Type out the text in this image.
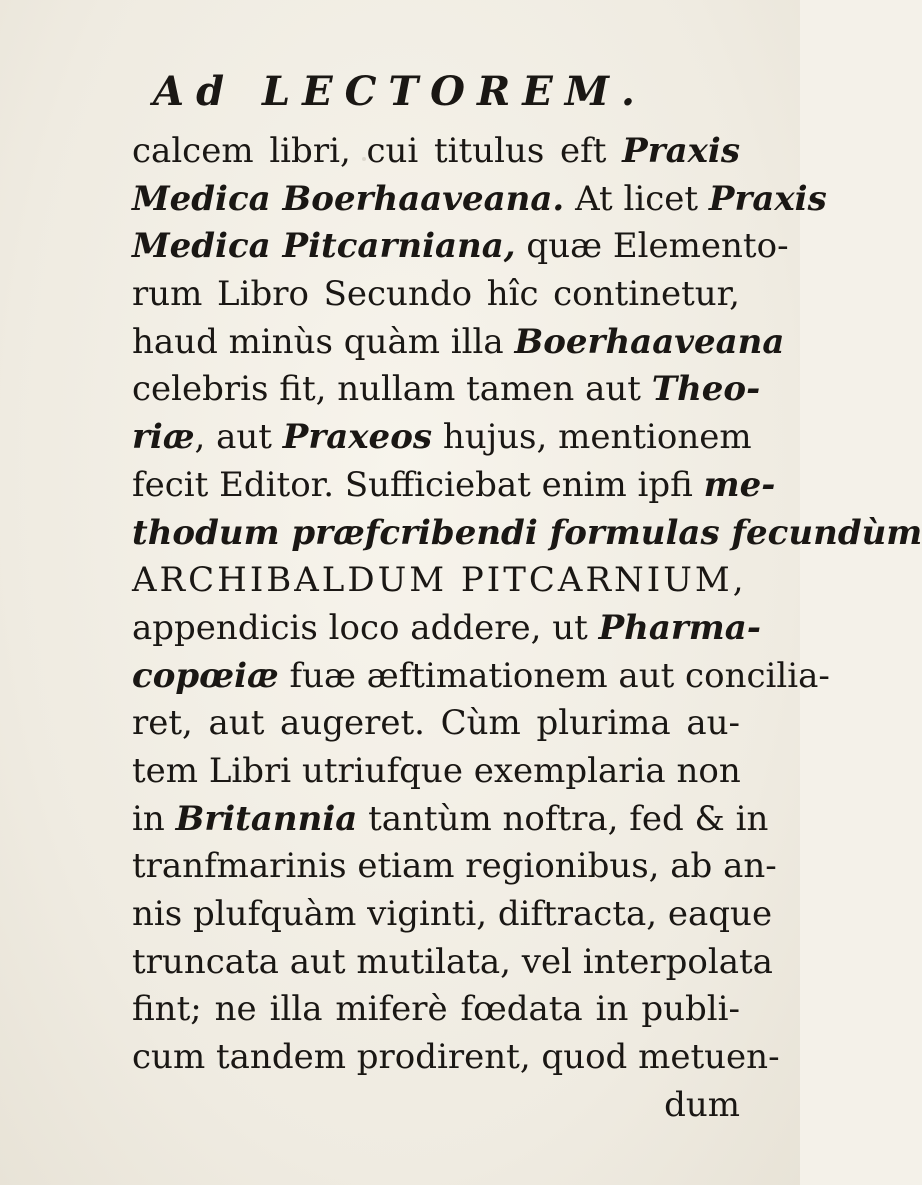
Ad LECTOREM.
calcem libri, cui titulus eft Praxis
Medica Boerhaaveana. At licet Praxis
Medica Pitcarniana, quæ Elemento-
rum Libro Secundo hîc continetur,
haud minùs quàm illa Boerhaaveana
celebris fit, nullam tamen aut Theo-
riæ, aut Praxeos hujus, mentionem
fecit Editor. Sufficiebat enim ipfi me-
thodum præfcribendi formulas fecundùm
ARCHIBALDUM PITCARNIUM,
appendicis loco addere, ut Pharma-
copœiæ fuæ æftimationem aut concilia-
ret, aut augeret. Cùm plurima au-
tem Libri utriufque exemplaria non
in Britannia tantùm noftra, fed & in
tranfmarinis etiam regionibus, ab an-
nis plufquàm viginti, diftracta, eaque
truncata aut mutilata, vel interpolata
fint; ne illa miferè fœdata in publi-
cum tandem prodirent, quod metuen-
dum
